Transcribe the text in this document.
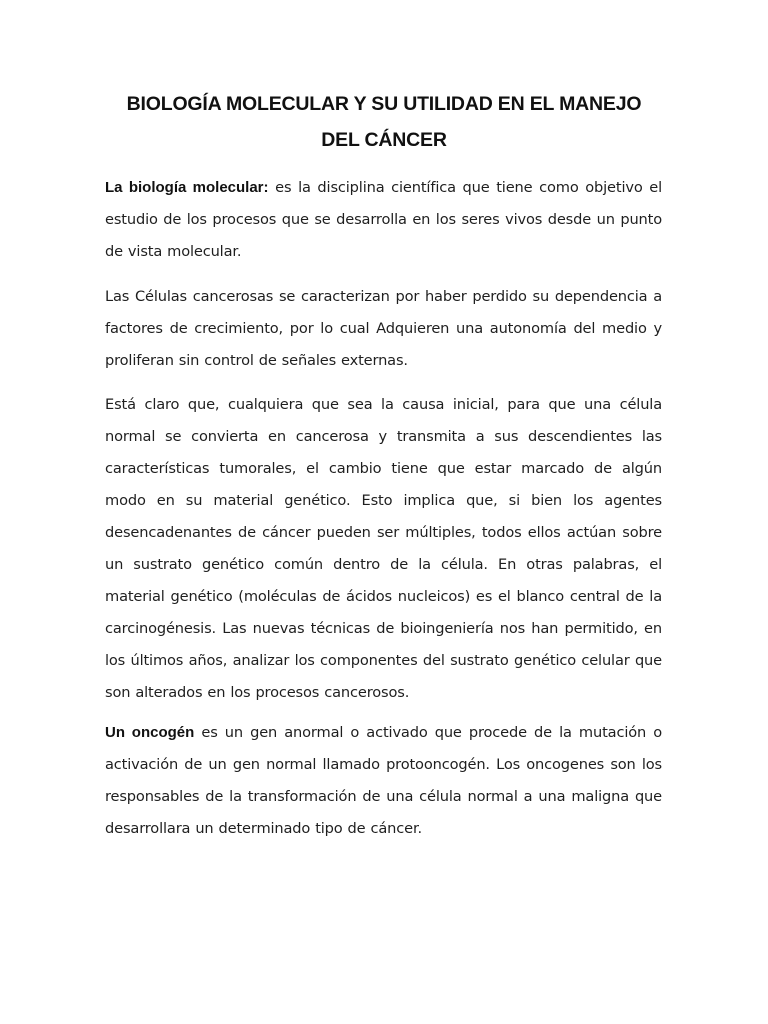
BIOLOGÍA MOLECULAR Y SU UTILIDAD EN EL MANEJO
DEL CÁNCER

La biología molecular: es la disciplina científica que tiene como objetivo el estudio de los procesos que se desarrolla en los seres vivos desde un punto de vista molecular.

Las Células cancerosas se caracterizan por haber perdido su dependencia a factores de crecimiento, por lo cual Adquieren una autonomía del medio y proliferan sin control de señales externas.

Está claro que, cualquiera que sea la causa inicial, para que una célula normal se convierta en cancerosa y transmita a sus descendientes las características tumorales, el cambio tiene que estar marcado de algún modo en su material genético. Esto implica que, si bien los agentes desencadenantes de cáncer pueden ser múltiples, todos ellos actúan sobre un sustrato genético común dentro de la célula. En otras palabras, el material genético (moléculas de ácidos nucleicos) es el blanco central de la carcinogénesis. Las nuevas técnicas de bioingeniería nos han permitido, en los últimos años, analizar los componentes del sustrato genético celular que son alterados en los procesos cancerosos.

Un oncogén es un gen anormal o activado que procede de la mutación o activación de un gen normal llamado protooncogén. Los oncogenes son los responsables de la transformación de una célula normal a una maligna que desarrollara un determinado tipo de cáncer.
